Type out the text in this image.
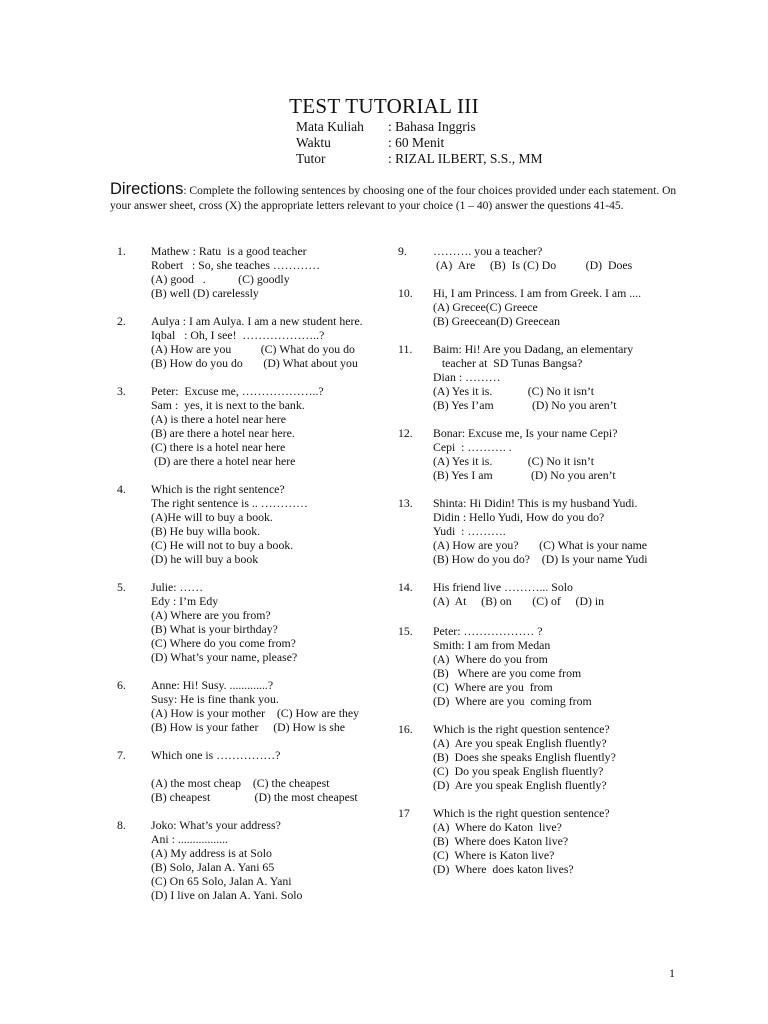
TEST TUTORIAL III
Mata Kuliah	: Bahasa Inggris
Waktu	: 60 Menit
Tutor	: RIZAL ILBERT, S.S., MM
Directions: Complete the following sentences by choosing one of the four choices provided under each statement. On your answer sheet, cross (X) the appropriate letters relevant to your choice (1 – 40) answer the questions 41-45.
1. Mathew : Ratu  is a good teacher
Robert   : So, she teaches …………
(A) good   .           (C) goodly
(B) well (D) carelessly
2. Aulya : I am Aulya. I am a new student here.
Iqbal   : Oh, I see!  ………………..?
(A) How are you          (C) What do you do
(B) How do you do       (D) What about you
3. Peter:  Excuse me, ………………..?
Sam :  yes, it is next to the bank.
(A) is there a hotel near here
(B) are there a hotel near here.
(C) there is a hotel near here
(D) are there a hotel near here
4. Which is the right sentence?
The right sentence is .. …………
(A)He will to buy a book.
(B) He buy willa book.
(C) He will not to buy a book.
(D) he will buy a book
5. Julie: ……
Edy : I’m Edy
(A) Where are you from?
(B) What is your birthday?
(C) Where do you come from?
(D) What’s your name, please?
6. Anne: Hi! Susy. .............?
Susy: He is fine thank you.
(A) How is your mother    (C) How are they
(B) How is your father     (D) How is she
7. Which one is ……………?

(A) the most cheap    (C) the cheapest
(B) cheapest               (D) the most cheapest
8. Joko: What’s your address?
Ani : .................
(A) My address is at Solo
(B) Solo, Jalan A. Yani 65
(C) On 65 Solo, Jalan A. Yani
(D) I live on Jalan A. Yani. Solo
9. ………. you a teacher?
(A)  Are     (B)  Is (C) Do          (D)  Does
10. Hi, I am Princess. I am from Greek. I am ....
(A) Grecee(C) Greece
(B) Greecean(D) Greecean
11. Baim: Hi! Are you Dadang, an elementary
teacher at  SD Tunas Bangsa?
Dian : ………
(A) Yes it is.            (C) No it isn’t
(B) Yes I’am             (D) No you aren’t
12. Bonar: Excuse me, Is your name Cepi?
Cepi  : ………. .
(A) Yes it is.            (C) No it isn’t
(B) Yes I am             (D) No you aren’t
13. Shinta: Hi Didin! This is my husband Yudi.
Didin : Hello Yudi, How do you do?
Yudi  : ……….
(A) How are you?       (C) What is your name
(B) How do you do?    (D) Is your name Yudi
14. His friend live ………... Solo
(A)  At     (B) on       (C) of     (D) in
15. Peter: ……………… ?
Smith: I am from Medan
(A)  Where do you from
(B)   Where are you come from
(C)  Where are you  from
(D)  Where are you  coming from
16. Which is the right question sentence?
(A)  Are you speak English fluently?
(B)  Does she speaks English fluently?
(C)  Do you speak English fluently?
(D)  Are you speak English fluently?
17 Which is the right question sentence?
(A)  Where do Katon  live?
(B)  Where does Katon live?
(C)  Where is Katon live?
(D)  Where  does katon lives?
1
